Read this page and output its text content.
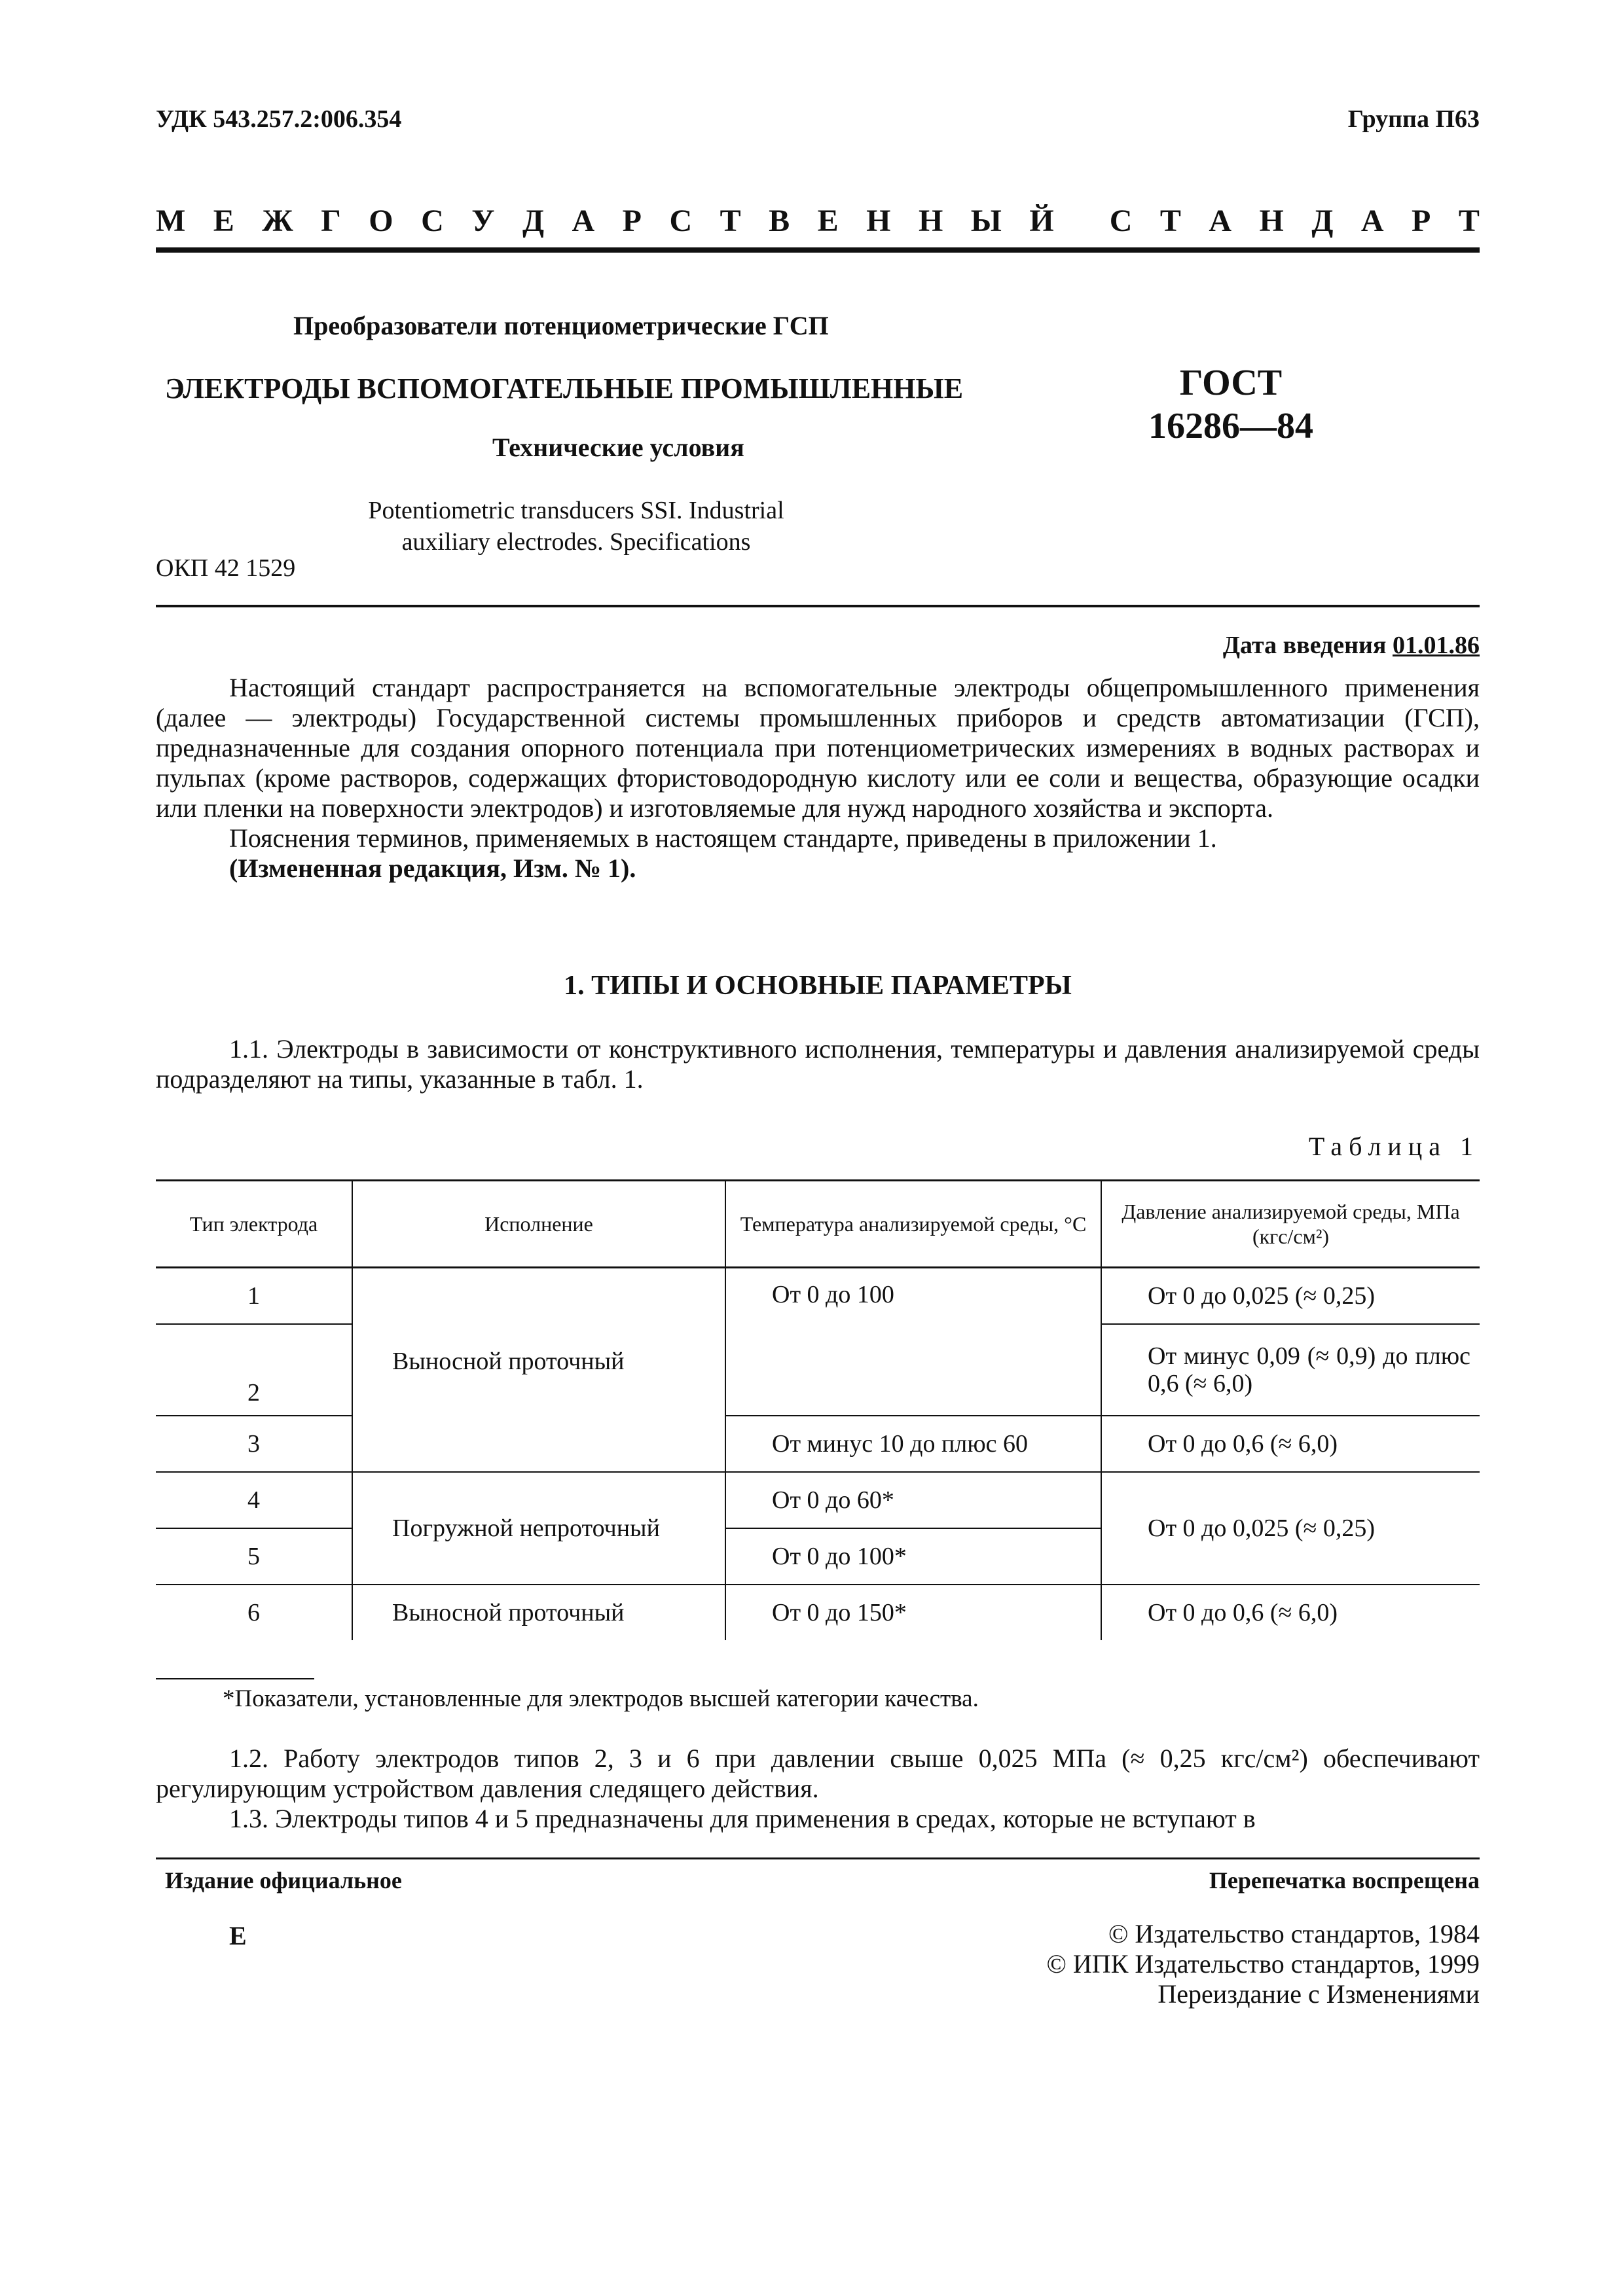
УДК 543.257.2:006.354	Группа П63
М Е Ж Г О С У Д А Р С Т В Е Н Н Ы Й С Т А Н Д А Р Т
Преобразователи потенциометрические ГСП
ЭЛЕКТРОДЫ ВСПОМОГАТЕЛЬНЫЕ ПРОМЫШЛЕННЫЕ
Технические условия
ГОСТ
16286—84
Potentiometric transducers SSI. Industrial
auxiliary electrodes. Specifications
ОКП 42 1529
Дата введения 01.01.86

Настоящий стандарт распространяется на вспомогательные электроды общепромышленного применения (далее — электроды) Государственной системы промышленных приборов и средств автоматизации (ГСП), предназначенные для создания опорного потенциала при потенциометрических измерениях в водных растворах и пульпах (кроме растворов, содержащих фтористоводородную кислоту или ее соли и вещества, образующие осадки или пленки на поверхности электродов) и изготовляемые для нужд народного хозяйства и экспорта.

Пояснения терминов, применяемых в настоящем стандарте, приведены в приложении 1.

(Измененная редакция, Изм. № 1).

1. ТИПЫ И ОСНОВНЫЕ ПАРАМЕТРЫ

1.1. Электроды в зависимости от конструктивного исполнения, температуры и давления анализируемой среды подразделяют на типы, указанные в табл. 1.

Таблица 1
Тип электрода	Исполнение	Температура анализируемой среды, °С	Давление анализируемой среды, МПа (кгс/см²)
1	Выносной проточный	От 0 до 100	От 0 до 0,025 (≈ 0,25)
2			От минус 0,09 (≈ 0,9) до плюс 0,6 (≈ 6,0)
3		От минус 10 до плюс 60	От 0 до 0,6 (≈ 6,0)
4	Погружной непроточный	От 0 до 60*	От 0 до 0,025 (≈ 0,25)
5		От 0 до 100*	
6	Выносной проточный	От 0 до 150*	От 0 до 0,6 (≈ 6,0)
*Показатели, установленные для электродов высшей категории качества.

1.2. Работу электродов типов 2, 3 и 6 при давлении свыше 0,025 МПа (≈ 0,25 кгс/см²) обеспечивают регулирующим устройством давления следящего действия.

1.3. Электроды типов 4 и 5 предназначены для применения в средах, которые не вступают в

Издание официальное	Перепечатка воспрещена
Е	© Издательство стандартов, 1984
© ИПК Издательство стандартов, 1999
Переиздание с Изменениями
